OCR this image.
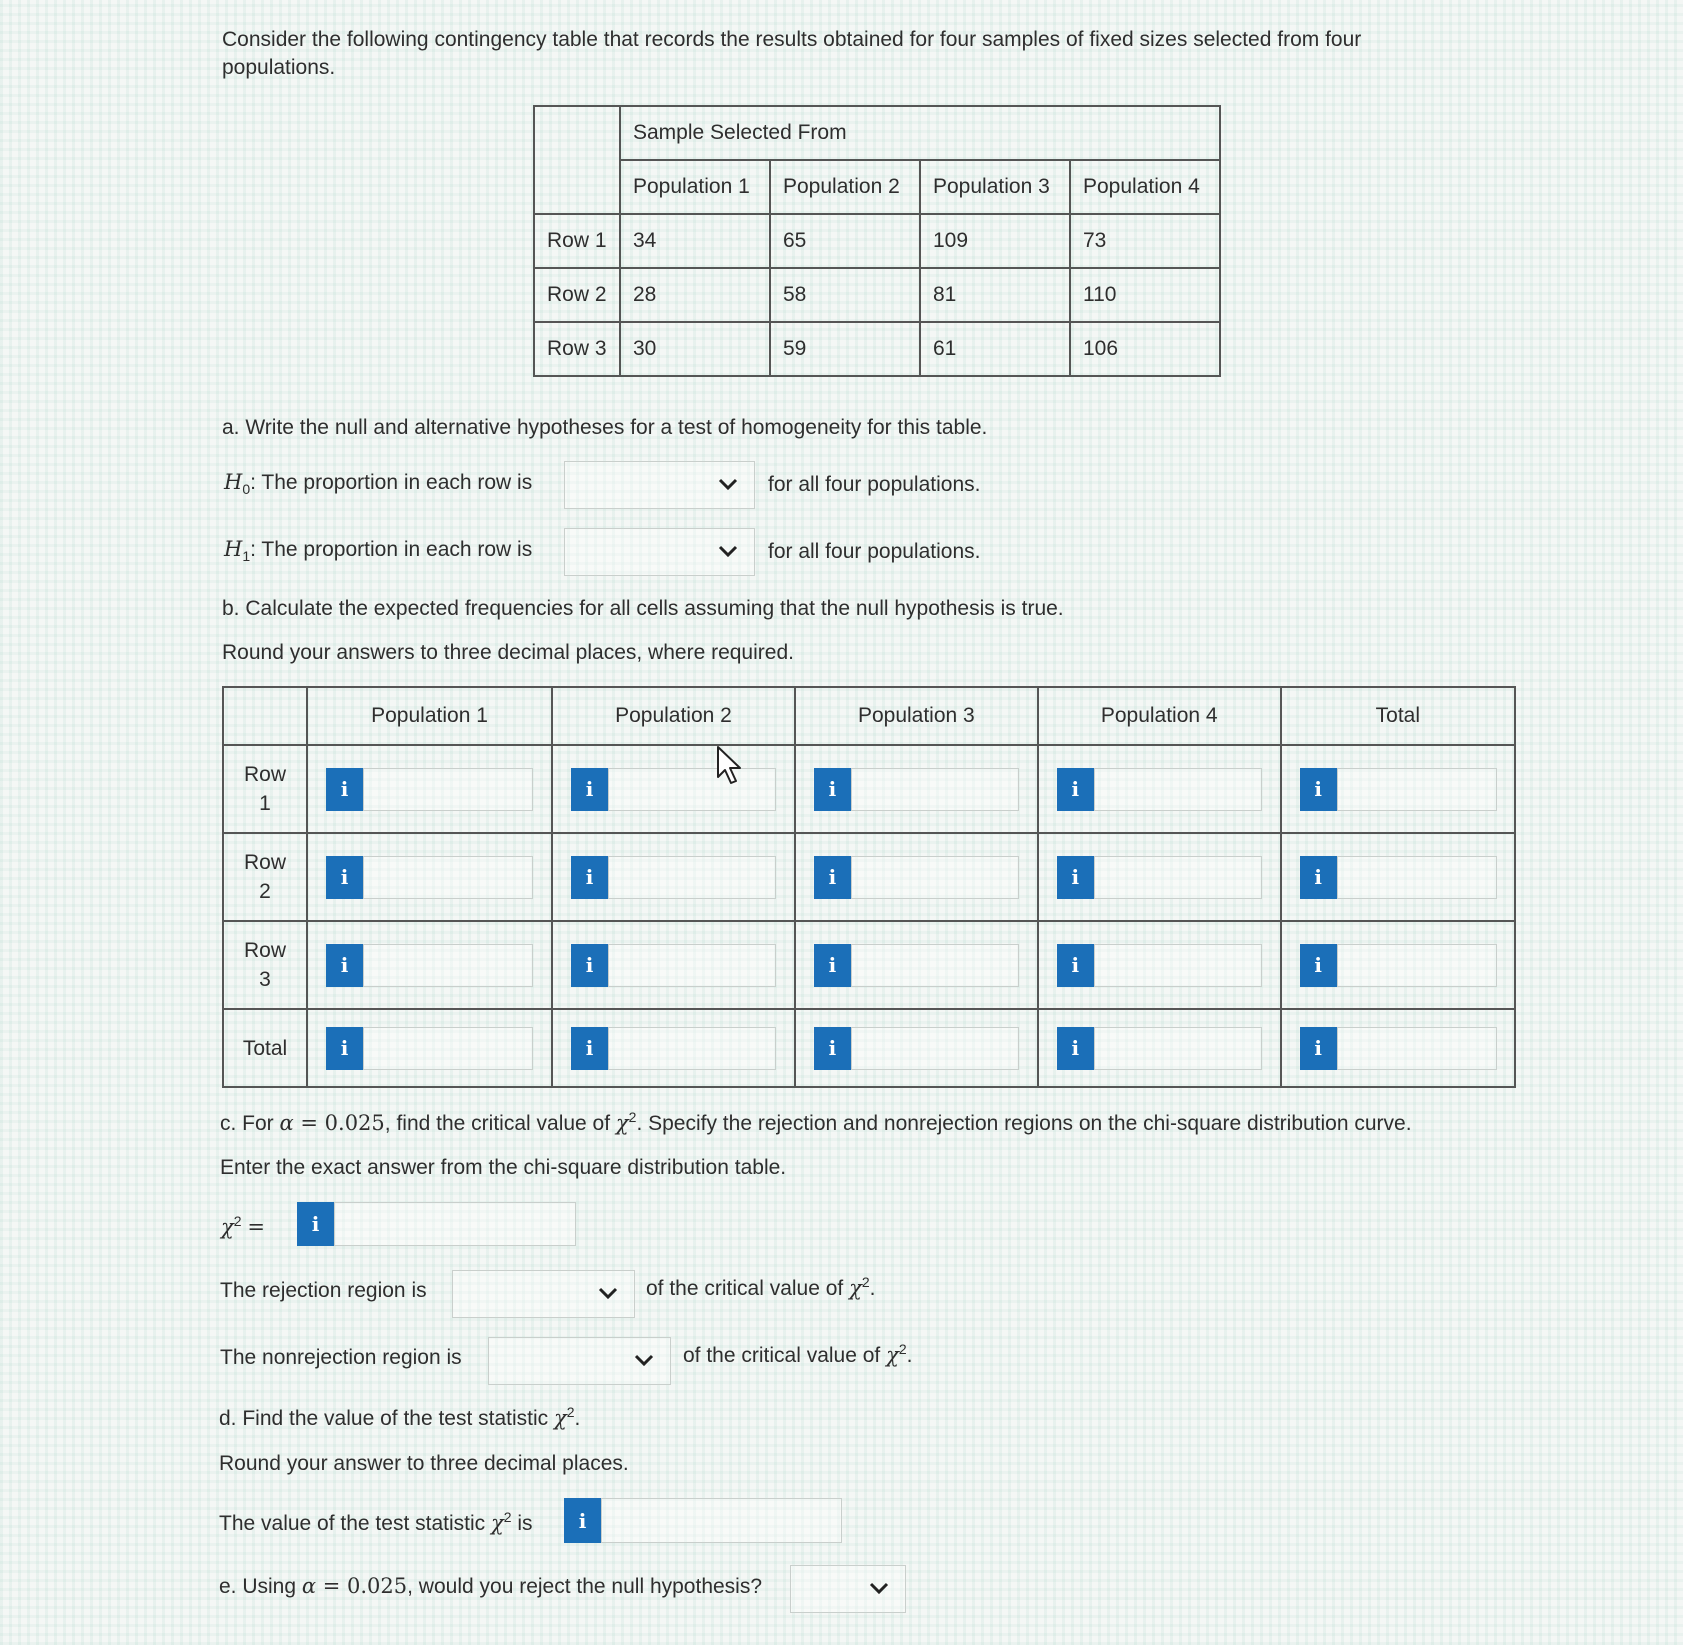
Consider the following contingency table that records the results obtained for four samples of fixed sizes selected from four
populations.
	Sample Selected From			
	Population 1	Population 2	Population 3	Population 4
Row 1	34	65	109	73
Row 2	28	58	81	110
Row 3	30	59	61	106
a. Write the null and alternative hypotheses for a test of homogeneity for this table.
$H_0$: The proportion in each row is	for all four populations.
$H_1$: The proportion in each row is	for all four populations.
b. Calculate the expected frequencies for all cells assuming that the null hypothesis is true.
Round your answers to three decimal places, where required.
	Population 1	Population 2	Population 3	Population 4	Total

Row
1	i	i	i	i	i

Row
2	i	i	i	i	i

Row
3	i	i	i	i	i

Total	i	i	i	i	i
c. For α = 0.025, find the critical value of $\chi^2$. Specify the rejection and nonrejection regions on the chi-square distribution curve.
Enter the exact answer from the chi-square distribution table.
$\chi^2$ =	i
The rejection region is	of the critical value of $\chi^2$.
The nonrejection region is	of the critical value of $\chi^2$.
d. Find the value of the test statistic $\chi^2$.
Round your answer to three decimal places.
The value of the test statistic $\chi^2$ is	i
e. Using α = 0.025, would you reject the null hypothesis?
